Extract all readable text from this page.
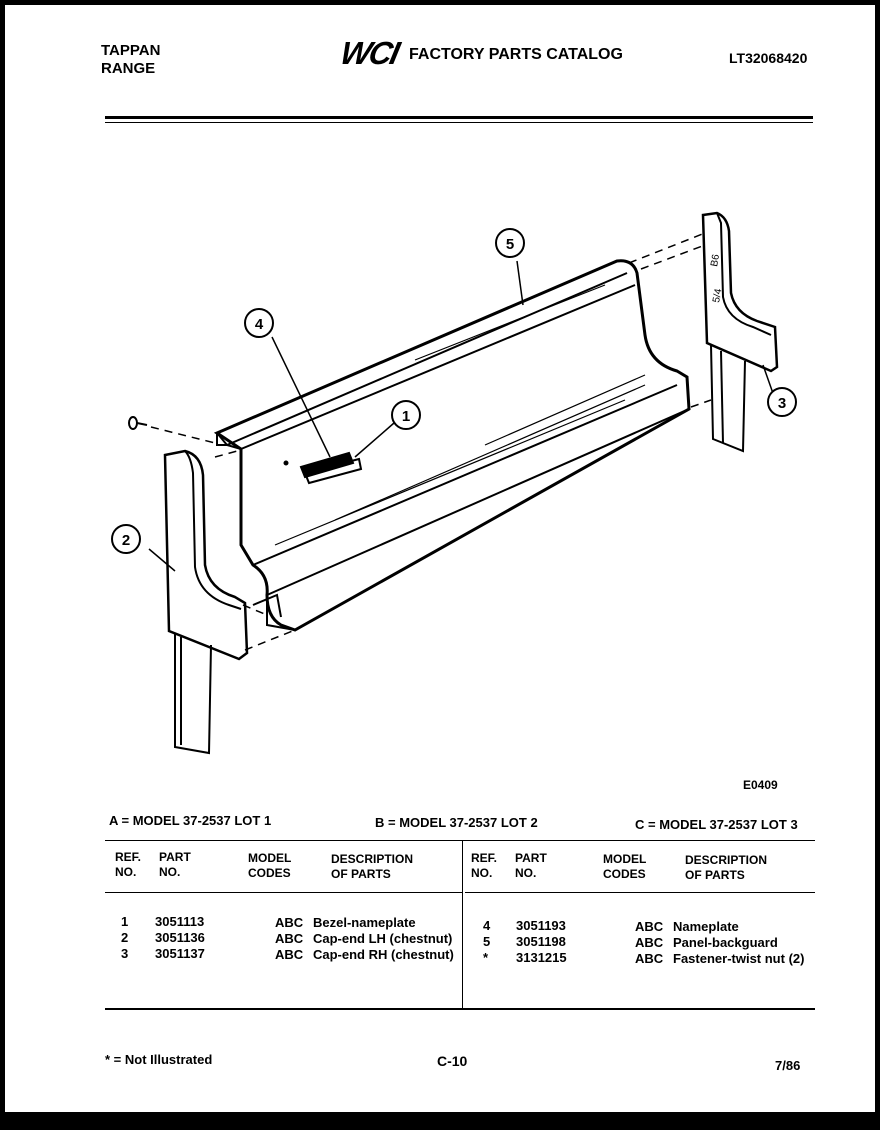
TAPPAN
RANGE	WCI FACTORY PARTS CATALOG	LT32068420
B6
5/4
1
2
3
4
5
E0409
A = MODEL 37-2537 LOT 1	B = MODEL 37-2537 LOT 2	C = MODEL 37-2537 LOT 3
REF.
NO.
PART
NO.
MODEL
CODES
DESCRIPTION
OF PARTS
REF.
NO.
PART
NO.
MODEL
CODES
DESCRIPTION
OF PARTS
1 3051113	ABC Bezel-nameplate
2 3051136	ABC Cap-end LH (chestnut)
3 3051137	ABC Cap-end RH (chestnut)
4 3051193	ABC Nameplate
5 3051198	ABC Panel-backguard
* 3131215	ABC Fastener-twist nut (2)
* = Not Illustrated	C-10	7/86
